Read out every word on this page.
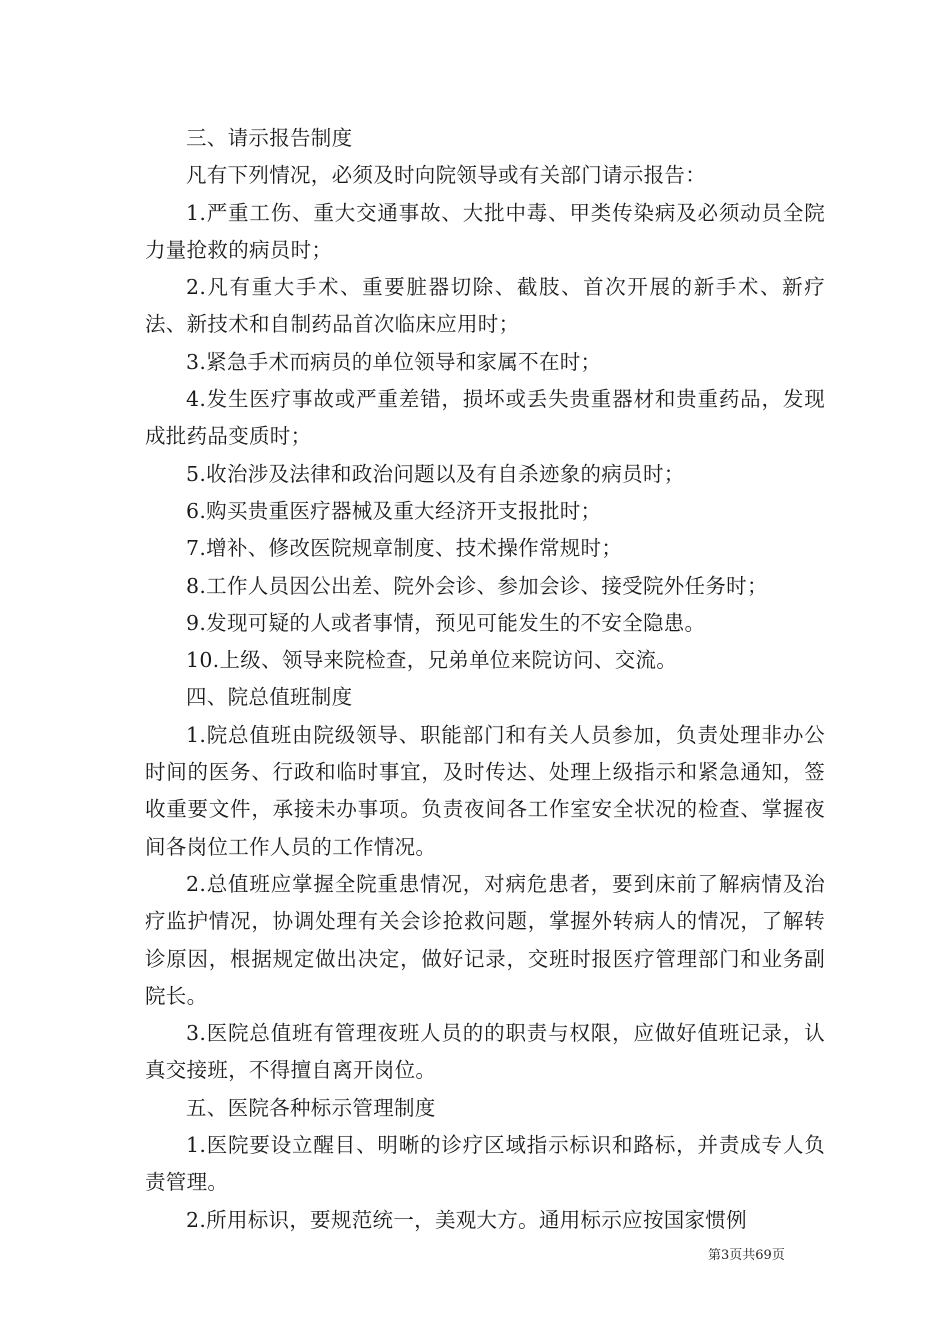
三、请示报告制度

凡有下列情况，必须及时向院领导或有关部门请示报告：

1.严重工伤、重大交通事故、大批中毒、甲类传染病及必须动员全院力量抢救的病员时；

2.凡有重大手术、重要脏器切除、截肢、首次开展的新手术、新疗法、新技术和自制药品首次临床应用时；

3.紧急手术而病员的单位领导和家属不在时；

4.发生医疗事故或严重差错，损坏或丢失贵重器材和贵重药品，发现成批药品变质时；

5.收治涉及法律和政治问题以及有自杀迹象的病员时；

6.购买贵重医疗器械及重大经济开支报批时；

7.增补、修改医院规章制度、技术操作常规时；

8.工作人员因公出差、院外会诊、参加会诊、接受院外任务时；

9.发现可疑的人或者事情，预见可能发生的不安全隐患。

10.上级、领导来院检查，兄弟单位来院访问、交流。

四、院总值班制度

1.院总值班由院级领导、职能部门和有关人员参加，负责处理非办公时间的医务、行政和临时事宜，及时传达、处理上级指示和紧急通知，签收重要文件，承接未办事项。负责夜间各工作室安全状况的检查、掌握夜间各岗位工作人员的工作情况。

2.总值班应掌握全院重患情况，对病危患者，要到床前了解病情及治疗监护情况，协调处理有关会诊抢救问题，掌握外转病人的情况，了解转诊原因，根据规定做出决定，做好记录，交班时报医疗管理部门和业务副院长。

3.医院总值班有管理夜班人员的的职责与权限，应做好值班记录，认真交接班，不得擅自离开岗位。

五、医院各种标示管理制度

1.医院要设立醒目、明晰的诊疗区域指示标识和路标，并责成专人负责管理。

2.所用标识，要规范统一，美观大方。通用标示应按国家惯例

第3页共69页
